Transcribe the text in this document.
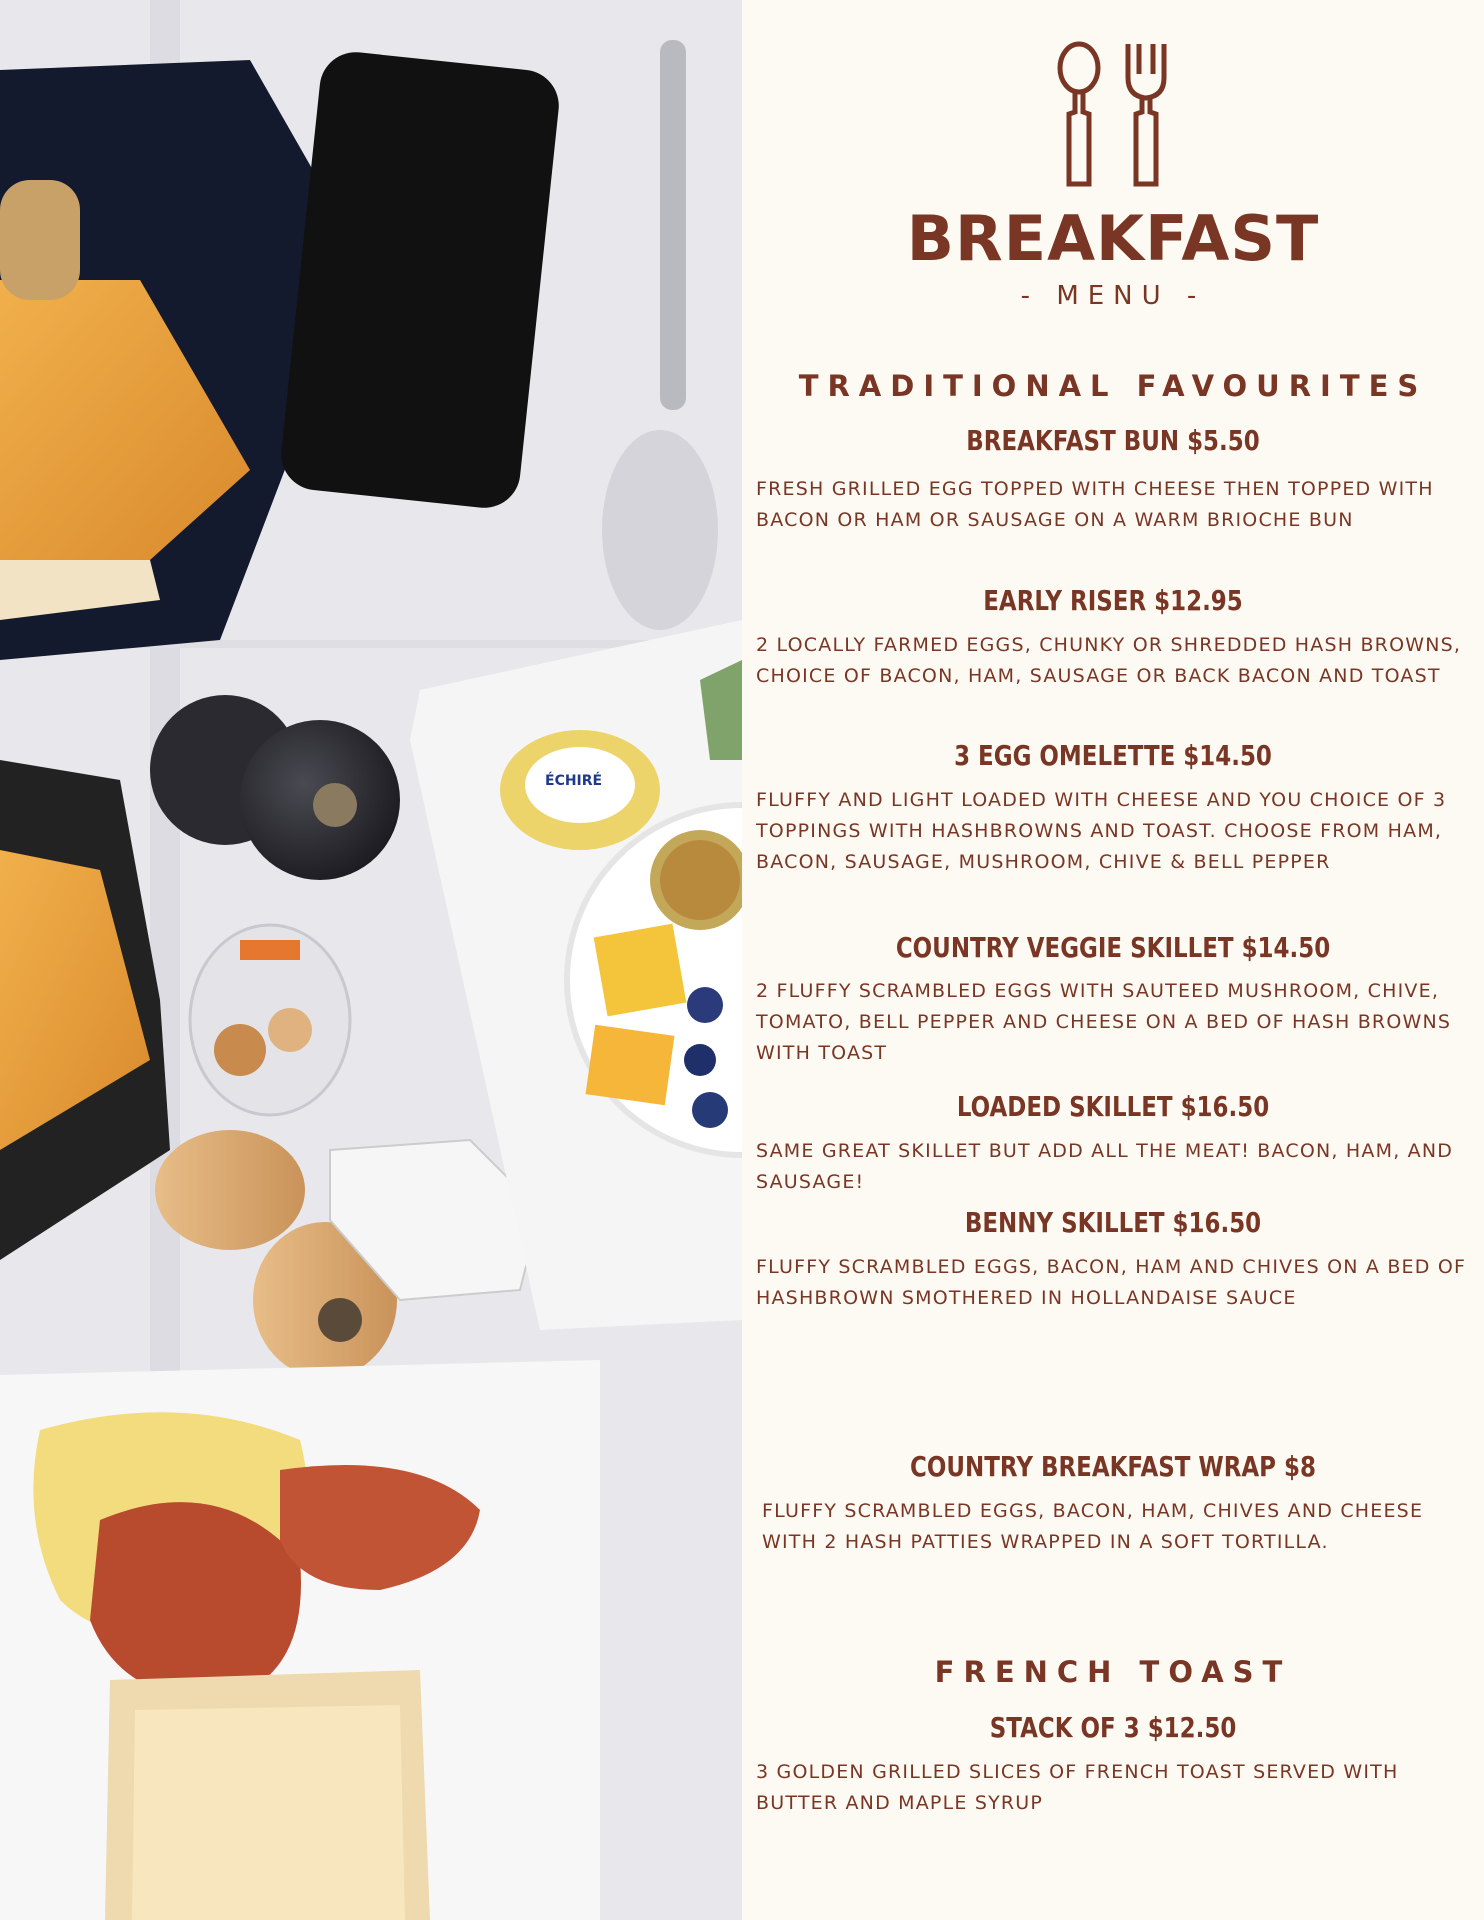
ÉCHIRÉ
BREAKFAST
- MENU -
TRADITIONAL FAVOURITES
BREAKFAST BUN $5.50
FRESH GRILLED EGG TOPPED WITH CHEESE THEN TOPPED WITH BACON OR HAM OR SAUSAGE ON A WARM BRIOCHE BUN
EARLY RISER $12.95
2 LOCALLY FARMED EGGS, CHUNKY OR SHREDDED HASH BROWNS, CHOICE OF BACON, HAM, SAUSAGE OR BACK BACON AND TOAST
3 EGG OMELETTE $14.50
FLUFFY AND LIGHT LOADED WITH CHEESE AND YOU CHOICE OF 3 TOPPINGS WITH HASHBROWNS AND TOAST. CHOOSE FROM HAM, BACON, SAUSAGE, MUSHROOM, CHIVE & BELL PEPPER
COUNTRY VEGGIE SKILLET $14.50
2 FLUFFY SCRAMBLED EGGS WITH SAUTEED MUSHROOM, CHIVE, TOMATO, BELL PEPPER AND CHEESE ON A BED OF HASH BROWNS WITH TOAST
LOADED SKILLET $16.50
SAME GREAT SKILLET BUT ADD ALL THE MEAT! BACON, HAM, AND SAUSAGE!
BENNY SKILLET $16.50
FLUFFY SCRAMBLED EGGS, BACON, HAM AND CHIVES ON A BED OF HASHBROWN SMOTHERED IN HOLLANDAISE SAUCE
COUNTRY BREAKFAST WRAP $8
FLUFFY SCRAMBLED EGGS, BACON, HAM, CHIVES AND CHEESE WITH 2 HASH PATTIES WRAPPED IN A SOFT TORTILLA.
FRENCH TOAST
STACK OF 3 $12.50
3 GOLDEN GRILLED SLICES OF FRENCH TOAST SERVED WITH BUTTER AND MAPLE SYRUP
